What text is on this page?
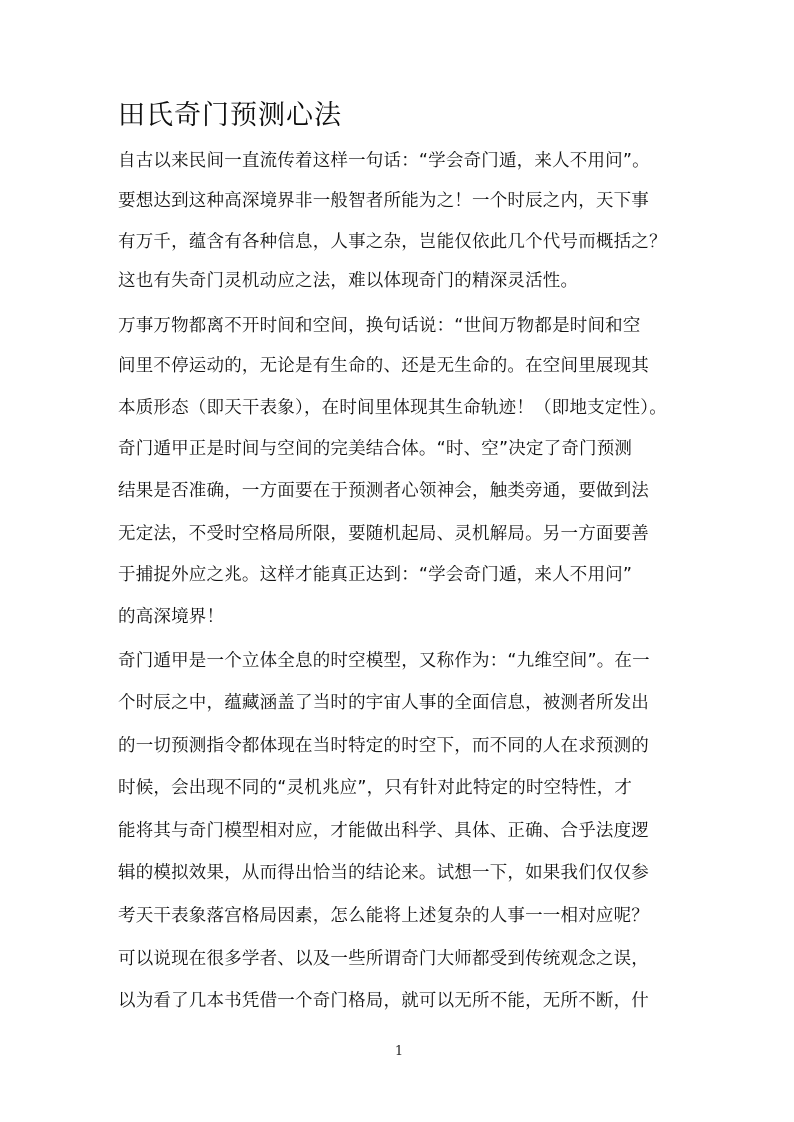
田氏奇门预测心法
自古以来民间一直流传着这样一句话：“学会奇门遁，来人不用问”。
要想达到这种高深境界非一般智者所能为之！一个时辰之内，天下事
有万千，蕴含有各种信息，人事之杂，岂能仅依此几个代号而概括之？
这也有失奇门灵机动应之法，难以体现奇门的精深灵活性。
万事万物都离不开时间和空间，换句话说：“世间万物都是时间和空
间里不停运动的，无论是有生命的、还是无生命的。在空间里展现其
本质形态（即天干表象），在时间里体现其生命轨迹！（即地支定性）。
奇门遁甲正是时间与空间的完美结合体。“时、空”决定了奇门预测
结果是否准确，一方面要在于预测者心领神会，触类旁通，要做到法
无定法，不受时空格局所限，要随机起局、灵机解局。另一方面要善
于捕捉外应之兆。这样才能真正达到：“学会奇门遁，来人不用问”
的高深境界！
奇门遁甲是一个立体全息的时空模型，又称作为：“九维空间”。在一
个时辰之中，蕴藏涵盖了当时的宇宙人事的全面信息，被测者所发出
的一切预测指令都体现在当时特定的时空下，而不同的人在求预测的
时候，会出现不同的“灵机兆应”，只有针对此特定的时空特性，才
能将其与奇门模型相对应，才能做出科学、具体、正确、合乎法度逻
辑的模拟效果，从而得出恰当的结论来。试想一下，如果我们仅仅参
考天干表象落宫格局因素，怎么能将上述复杂的人事一一相对应呢？
可以说现在很多学者、以及一些所谓奇门大师都受到传统观念之误，
以为看了几本书凭借一个奇门格局，就可以无所不能，无所不断，什
1
